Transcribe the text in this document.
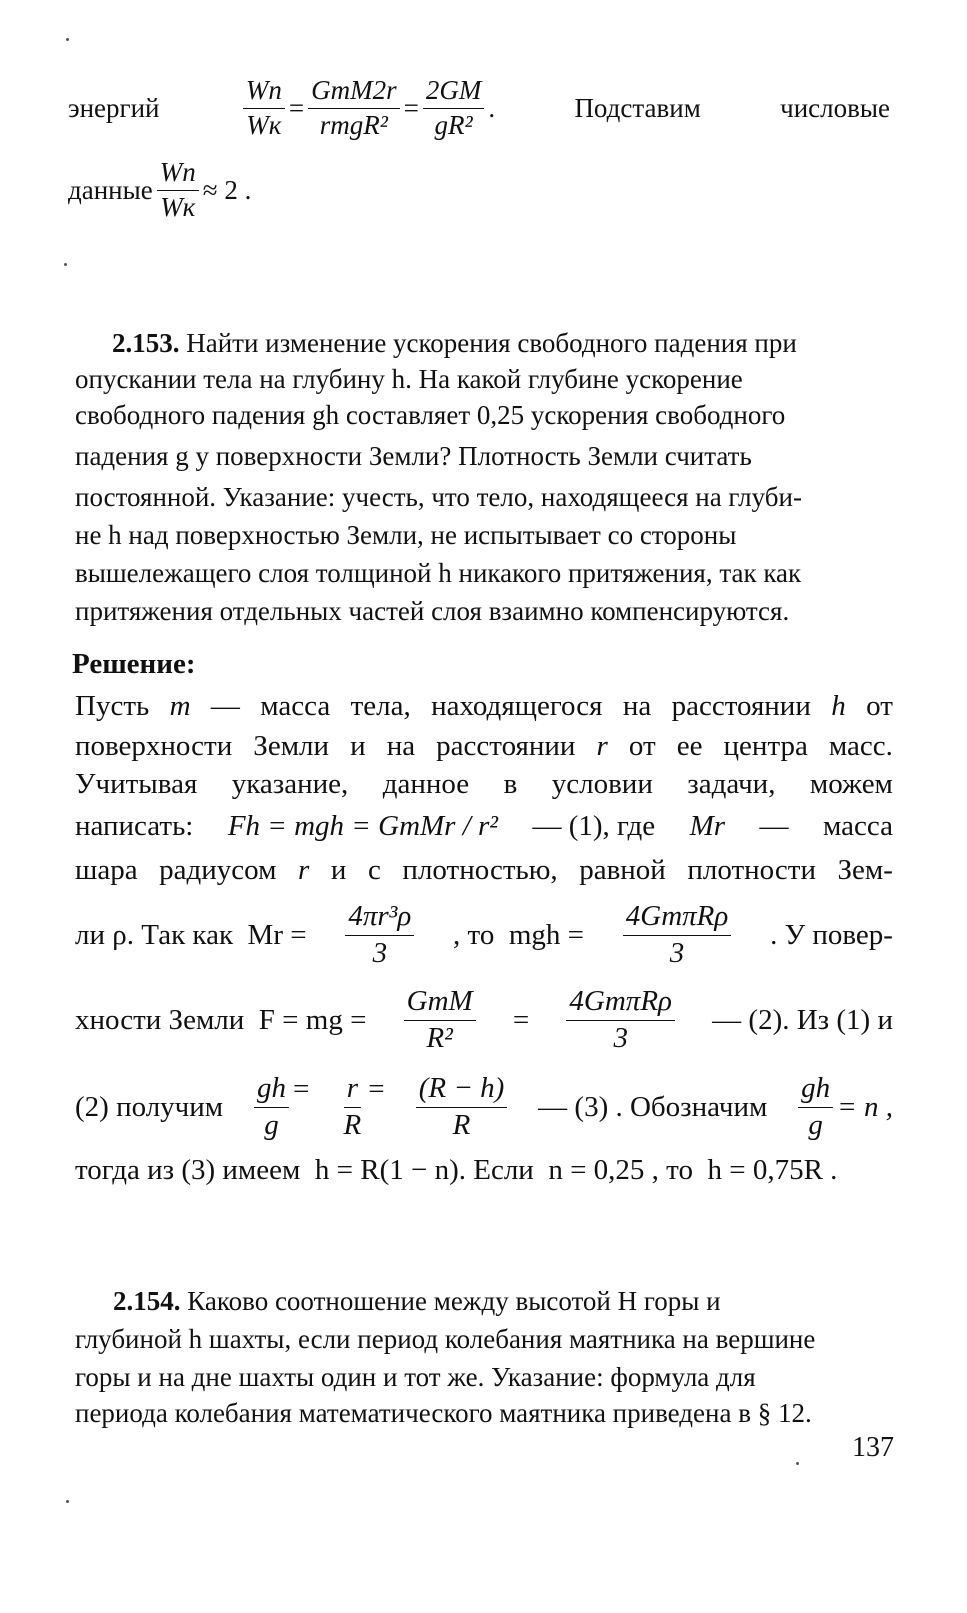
энергий	$\frac{Wп}{Wк} = \frac{\text{GmM2r}}{\text{rmgR²}} = \frac{2GM}{\text{gR²}}$ .	Подставим	числовые
данные $\frac{Wп}{Wк} \approx 2$ .
2.153. Найти изменение ускорения свободного падения при
опускании тела на глубину h. На какой глубине ускорение
свободного падения gh составляет 0,25 ускорения свободного
падения g у поверхности Земли? Плотность Земли считать
постоянной. Указание: учесть, что тело, находящееся на глуби-
не h над поверхностью Земли, не испытывает со стороны
вышележащего слоя толщиной h никакого притяжения, так как
притяжения отдельных частей слоя взаимно компенсируются.
Решение:
Пусть m — масса тела, находящегося на расстоянии h от
поверхности Земли и на расстоянии r от ее центра масс.
Учитывая указание, данное в условии задачи, можем
написать: Fh = mgh = GmMr / r² — (1), где Mr — масса
шара радиусом r и с плотностью, равной плотности Зем-
ли ρ. Так как  $Mr = \frac{\text{4πr³ρ}}{3}$ , то  mgh = $\frac{\text{4GmπRρ}}{3}$ . У повер-
хности Земли  F = mg = $\frac{\text{GmM}}{\text{R²}} = \frac{\text{4GmπRρ}}{3}$ — (2). Из (1) и
(2) получим $\frac{gh}{g}$ =
$\frac{r}{R}$ =
$\frac{(R - h)}{R}$ — (3) . Обозначим $\frac{gh}{g} = n$ ,
тогда из (3) имеем  h = R(1 − n). Если  n = 0,25 , то  h = 0,75R .
2.154. Каково соотношение между высотой H горы и
глубиной h шахты, если период колебания маятника на вершине
горы и на дне шахты один и тот же. Указание: формула для
периода колебания математического маятника приведена в § 12.
137
